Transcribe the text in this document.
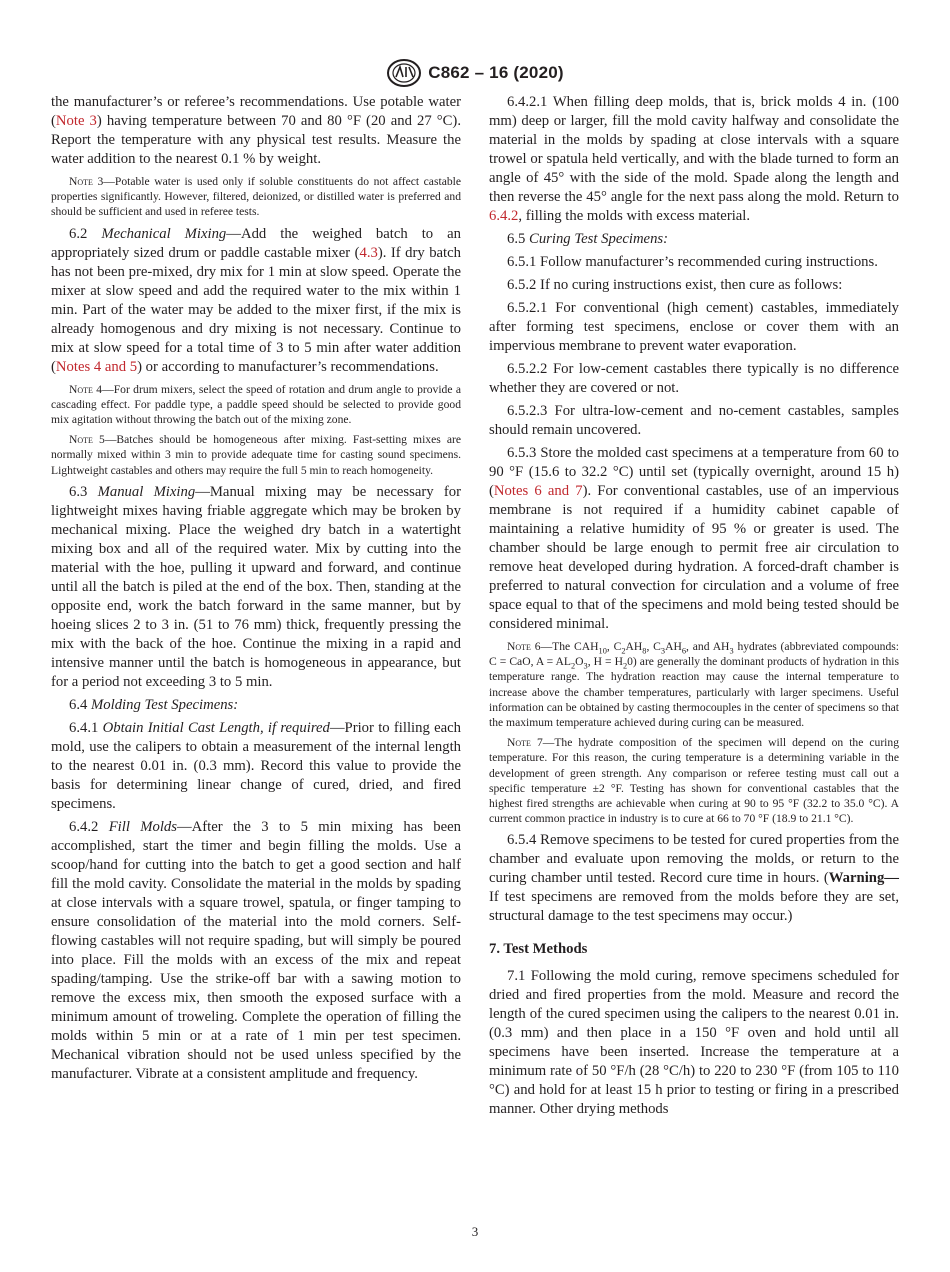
C862 – 16 (2020)

the manufacturer’s or referee’s recommendations. Use potable water (Note 3) having temperature between 70 and 80 °F (20 and 27 °C). Report the temperature with any physical test results. Measure the water addition to the nearest 0.1 % by weight.

Note 3—Potable water is used only if soluble constituents do not affect castable properties significantly. However, filtered, deionized, or distilled water is preferred and should be sufficient and used in referee tests.

6.2 Mechanical Mixing—Add the weighed batch to an appropriately sized drum or paddle castable mixer (4.3). If dry batch has not been pre-mixed, dry mix for 1 min at slow speed. Operate the mixer at slow speed and add the required water to the mix within 1 min. Part of the water may be added to the mixer first, if the mix is already homogenous and dry mixing is not necessary. Continue to mix at slow speed for a total time of 3 to 5 min after water addition (Notes 4 and 5) or according to manufacturer’s recommendations.

Note 4—For drum mixers, select the speed of rotation and drum angle to provide a cascading effect. For paddle type, a paddle speed should be selected to provide good mix agitation without throwing the batch out of the mixing zone.

Note 5—Batches should be homogeneous after mixing. Fast-setting mixes are normally mixed within 3 min to provide adequate time for casting sound specimens. Lightweight castables and others may require the full 5 min to reach homogeneity.

6.3 Manual Mixing—Manual mixing may be necessary for lightweight mixes having friable aggregate which may be broken by mechanical mixing. Place the weighed dry batch in a watertight mixing box and all of the required water. Mix by cutting into the material with the hoe, pulling it upward and forward, and continue until all the batch is piled at the end of the box. Then, standing at the opposite end, work the batch forward in the same manner, but by hoeing slices 2 to 3 in. (51 to 76 mm) thick, frequently pressing the mix with the back of the hoe. Continue the mixing in a rapid and intensive manner until the batch is homogeneous in appearance, but for a period not exceeding 3 to 5 min.

6.4 Molding Test Specimens:

6.4.1 Obtain Initial Cast Length, if required—Prior to filling each mold, use the calipers to obtain a measurement of the internal length to the nearest 0.01 in. (0.3 mm). Record this value to provide the basis for determining linear change of cured, dried, and fired specimens.

6.4.2 Fill Molds—After the 3 to 5 min mixing has been accomplished, start the timer and begin filling the molds. Use a scoop/hand for cutting into the batch to get a good section and half fill the mold cavity. Consolidate the material in the molds by spading at close intervals with a square trowel, spatula, or finger tamping to ensure consolidation of the material into the mold corners. Self-flowing castables will not require spading, but will simply be poured into place. Fill the molds with an excess of the mix and repeat spading/tamping. Use the strike-off bar with a sawing motion to remove the excess mix, then smooth the exposed surface with a minimum amount of troweling. Complete the operation of filling the molds within 5 min or at a rate of 1 min per test specimen. Mechanical vibration should not be used unless specified by the manufacturer. Vibrate at a consistent amplitude and frequency.

6.4.2.1 When filling deep molds, that is, brick molds 4 in. (100 mm) deep or larger, fill the mold cavity halfway and consolidate the material in the molds by spading at close intervals with a square trowel or spatula held vertically, and with the blade turned to form an angle of 45° with the side of the mold. Spade along the length and then reverse the 45° angle for the next pass along the mold. Return to 6.4.2, filling the molds with excess material.

6.5 Curing Test Specimens:

6.5.1 Follow manufacturer’s recommended curing instructions.

6.5.2 If no curing instructions exist, then cure as follows:

6.5.2.1 For conventional (high cement) castables, immediately after forming test specimens, enclose or cover them with an impervious membrane to prevent water evaporation.

6.5.2.2 For low-cement castables there typically is no difference whether they are covered or not.

6.5.2.3 For ultra-low-cement and no-cement castables, samples should remain uncovered.

6.5.3 Store the molded cast specimens at a temperature from 60 to 90 °F (15.6 to 32.2 °C) until set (typically overnight, around 15 h) (Notes 6 and 7). For conventional castables, use of an impervious membrane is not required if a humidity cabinet capable of maintaining a relative humidity of 95 % or greater is used. The chamber should be large enough to permit free air circulation to remove heat developed during hydration. A forced-draft chamber is preferred to natural convection for circulation and a volume of free space equal to that of the specimens and mold being tested should be considered minimal.

Note 6—The $CAH_{10}$, $C_2AH_8$, $C_3AH_6$, and $AH_3$ hydrates (abbreviated compounds: C = CaO, $A = AL_2O_3$, $H = H_20$) are generally the dominant products of hydration in this temperature range. The hydration reaction may cause the internal temperature to increase above the chamber temperatures, particularly with larger specimens. Useful information can be obtained by casting thermocouples in the center of specimens so that the maximum temperature achieved during curing can be measured.

Note 7—The hydrate composition of the specimen will depend on the curing temperature. For this reason, the curing temperature is a determining variable in the development of green strength. Any comparison or referee testing must call out a specific temperature ±2 °F. Testing has shown for conventional castables that the highest fired strengths are achievable when curing at 90 to 95 °F (32.2 to 35.0 °C). A current common practice in industry is to cure at 66 to 70 °F (18.9 to 21.1 °C).

6.5.4 Remove specimens to be tested for cured properties from the chamber and evaluate upon removing the molds, or return to the curing chamber until tested. Record cure time in hours. (Warning—If test specimens are removed from the molds before they are set, structural damage to the test specimens may occur.)

7. Test Methods

7.1 Following the mold curing, remove specimens scheduled for dried and fired properties from the mold. Measure and record the length of the cured specimen using the calipers to the nearest 0.01 in. (0.3 mm) and then place in a 150 °F oven and hold until all specimens have been inserted. Increase the temperature at a minimum rate of 50 °F/h (28 °C/h) to 220 to 230 °F (from 105 to 110 °C) and hold for at least 15 h prior to testing or firing in a prescribed manner. Other drying methods

3
